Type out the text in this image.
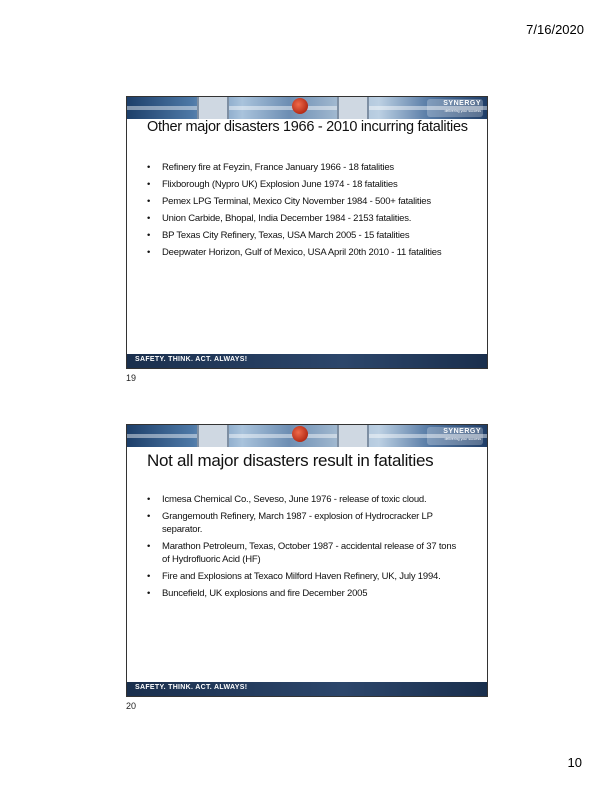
7/16/2020
SYNERGY
delivering your success
Other major disasters 1966 - 2010 incurring fatalities
• Refinery fire at Feyzin, France January 1966 - 18 fatalities
• Flixborough (Nypro UK) Explosion June 1974 - 18 fatalities
• Pemex LPG Terminal, Mexico City November 1984 - 500+ fatalities
• Union Carbide, Bhopal, India December 1984 - 2153 fatalities.
• BP Texas City Refinery, Texas, USA March 2005 - 15 fatalities
• Deepwater Horizon, Gulf of Mexico, USA April 20th 2010 - 11 fatalities
SAFETY. THINK. ACT. ALWAYS!
19
SYNERGY
delivering your success
Not all major disasters result in fatalities
• Icmesa Chemical Co., Seveso, June 1976 - release of toxic cloud.
• Grangemouth Refinery, March 1987 - explosion of Hydrocracker LP separator.
• Marathon Petroleum, Texas, October 1987 - accidental release of 37 tons of Hydrofluoric Acid (HF)
• Fire and Explosions at Texaco Milford Haven Refinery, UK, July 1994.
• Buncefield, UK explosions and fire December 2005
SAFETY. THINK. ACT. ALWAYS!
20
10
